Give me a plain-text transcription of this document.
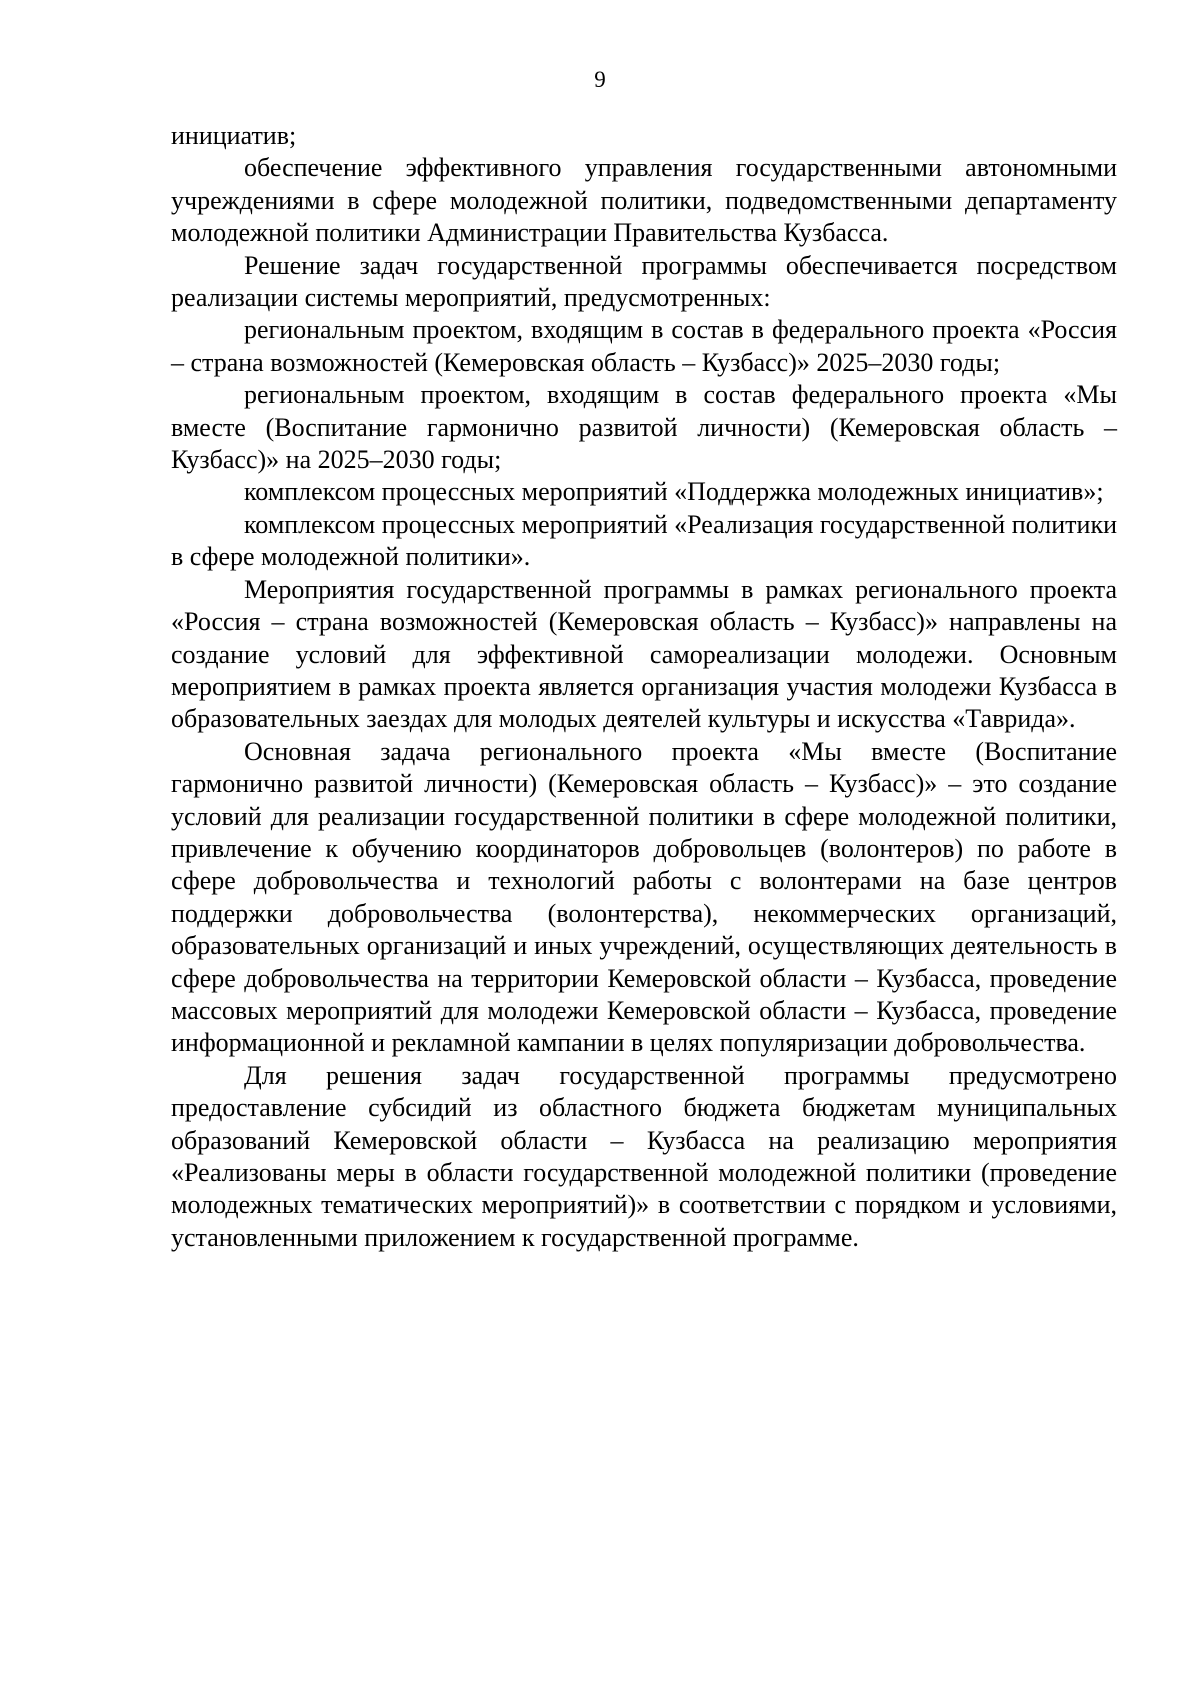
9

инициатив;

обеспечение эффективного управления государственными автономными учреждениями в сфере молодежной политики, подведомственными департаменту молодежной политики Администрации Правительства Кузбасса.

Решение задач государственной программы обеспечивается посредством реализации системы мероприятий, предусмотренных:

региональным проектом, входящим в состав в федерального проекта «Россия – страна возможностей (Кемеровская область – Кузбасс)» 2025–2030 годы;

региональным проектом, входящим в состав федерального проекта «Мы вместе (Воспитание гармонично развитой личности) (Кемеровская область – Кузбасс)» на 2025–2030 годы;

комплексом процессных мероприятий «Поддержка молодежных инициатив»;

комплексом процессных мероприятий «Реализация государственной политики в сфере молодежной политики».

Мероприятия государственной программы в рамках регионального проекта «Россия – страна возможностей (Кемеровская область – Кузбасс)» направлены на создание условий для эффективной самореализации молодежи. Основным мероприятием в рамках проекта является организация участия молодежи Кузбасса в образовательных заездах для молодых деятелей культуры и искусства «Таврида».

Основная задача регионального проекта «Мы вместе (Воспитание гармонично развитой личности) (Кемеровская область – Кузбасс)» – это создание условий для реализации государственной политики в сфере молодежной политики, привлечение к обучению координаторов добровольцев (волонтеров) по работе в сфере добровольчества и технологий работы с волонтерами на базе центров поддержки добровольчества (волонтерства), некоммерческих организаций, образовательных организаций и иных учреждений, осуществляющих деятельность в сфере добровольчества на территории Кемеровской области – Кузбасса, проведение массовых мероприятий для молодежи Кемеровской области – Кузбасса, проведение информационной и рекламной кампании в целях популяризации добровольчества.

Для решения задач государственной программы предусмотрено предоставление субсидий из областного бюджета бюджетам муниципальных образований Кемеровской области – Кузбасса на реализацию мероприятия «Реализованы меры в области государственной молодежной политики (проведение молодежных тематических мероприятий)» в соответствии с порядком и условиями, установленными приложением к государственной программе.
